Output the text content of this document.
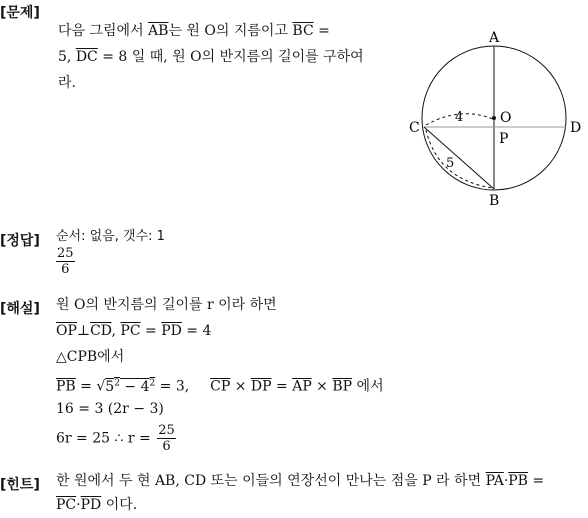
[문제]
다음 그림에서 $\overline{AB}$는 원 O의 지름이고 $\overline{BC}$ =
5, $\overline{DC} = 8$ 일 때, 원 O의 반지름의 길이를 구하여
라.
A
B
C	D
O
P
4
5
[정답] 순서: 없음, 갯수: 1
$\frac{25}{6}$
[해설] 원 O의 반지름의 길이를 r 이라 하면
$\overline{OP}\perp\overline{CD}$, $\overline{PC} = \overline{PD} = 4$
△CPB에서
$\overline{PB} = √5^2 - 4^2 = 3$, $\overline{CP} \times \overline{DP} = \overline{AP} \times \overline{BP}$ 에서
16 = 3 (2r − 3)
6r = 25 ∴ $r = \frac{25}{6}$
[힌트] 한 원에서 두 현 AB, CD 또는 이들의 연장선이 만나는 점을 P 라 하면 $\overline{PA}\cdot\overline{PB}$ =
$\overline{PC}\cdot\overline{PD}$ 이다.
